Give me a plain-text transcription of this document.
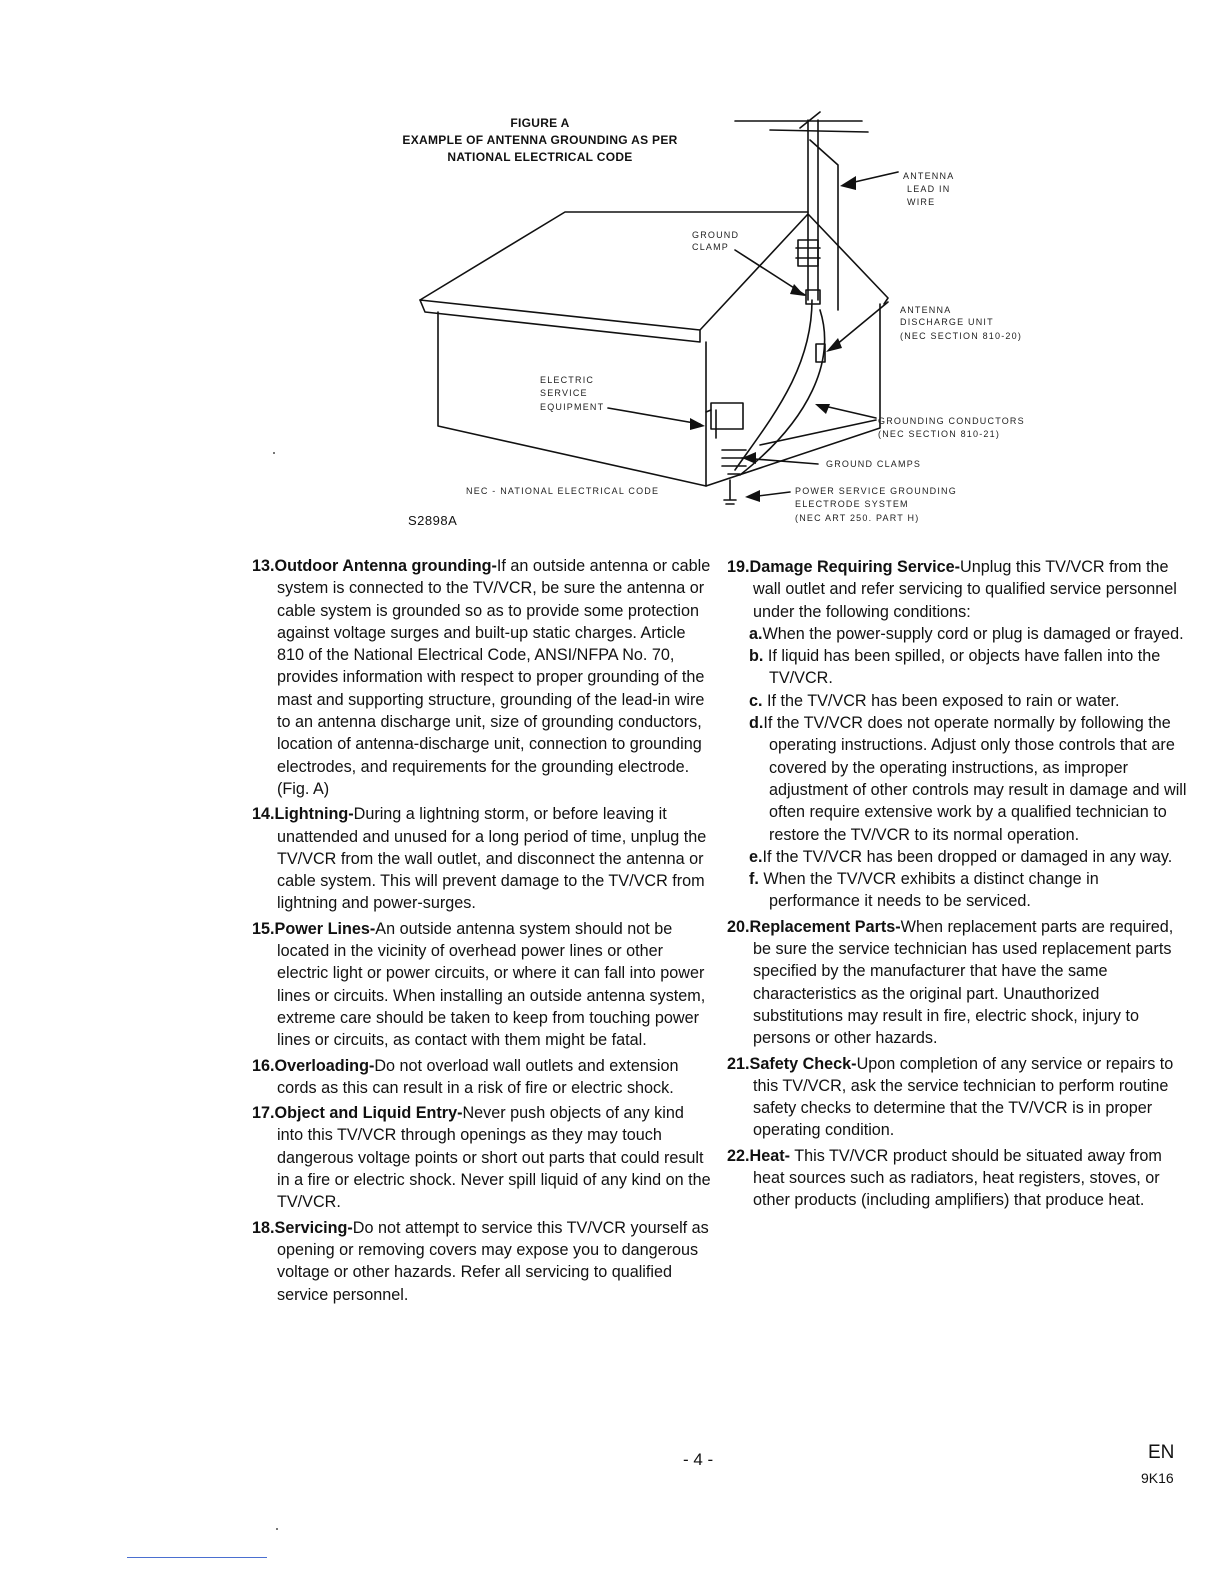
FIGURE A
EXAMPLE OF ANTENNA GROUNDING AS PER
NATIONAL ELECTRICAL CODE
ANTENNA
LEAD IN
WIRE
GROUND
CLAMP
ANTENNA
DISCHARGE UNIT
(NEC SECTION 810-20)
ELECTRIC
SERVICE
EQUIPMENT
GROUNDING CONDUCTORS
(NEC SECTION 810-21)
GROUND CLAMPS
NEC - NATIONAL ELECTRICAL CODE	POWER SERVICE GROUNDING
ELECTRODE SYSTEM
(NEC ART 250. PART H)
S2898A
13.Outdoor Antenna grounding-If an outside antenna or cable system is connected to the TV/VCR, be sure the antenna or cable system is grounded so as to provide some protection against voltage surges and built-up static charges. Article 810 of the National Electrical Code, ANSI/NFPA No. 70, provides information with respect to proper grounding of the mast and supporting structure, grounding of the lead-in wire to an antenna discharge unit, size of grounding conductors, location of antenna-discharge unit, connection to grounding electrodes, and requirements for the grounding electrode. (Fig. A)
14.Lightning-During a lightning storm, or before leaving it unattended and unused for a long period of time, unplug the TV/VCR from the wall outlet, and disconnect the antenna or cable system. This will prevent damage to the TV/VCR from lightning and power-surges.
15.Power Lines-An outside antenna system should not be located in the vicinity of overhead power lines or other electric light or power circuits, or where it can fall into power lines or circuits. When installing an outside antenna system, extreme care should be taken to keep from touching power lines or circuits, as contact with them might be fatal.
16.Overloading-Do not overload wall outlets and extension cords as this can result in a risk of fire or electric shock.
17.Object and Liquid Entry-Never push objects of any kind into this TV/VCR through openings as they may touch dangerous voltage points or short out parts that could result in a fire or electric shock. Never spill liquid of any kind on the TV/VCR.
18.Servicing-Do not attempt to service this TV/VCR yourself as opening or removing covers may expose you to dangerous voltage or other hazards. Refer all servicing to qualified service personnel.
19.Damage Requiring Service-Unplug this TV/VCR from the wall outlet and refer servicing to qualified service personnel under the following conditions:
a.When the power-supply cord or plug is damaged or frayed.
b. If liquid has been spilled, or objects have fallen into the TV/VCR.
c. If the TV/VCR has been exposed to rain or water.
d.If the TV/VCR does not operate normally by following the operating instructions. Adjust only those controls that are covered by the operating instructions, as improper adjustment of other controls may result in damage and will often require extensive work by a qualified technician to restore the TV/VCR to its normal operation.
e.If the TV/VCR has been dropped or damaged in any way.
f. When the TV/VCR exhibits a distinct change in performance it needs to be serviced.
20.Replacement Parts-When replacement parts are required, be sure the service technician has used replacement parts specified by the manufacturer that have the same characteristics as the original part. Unauthorized substitutions may result in fire, electric shock, injury to persons or other hazards.
21.Safety Check-Upon completion of any service or repairs to this TV/VCR, ask the service technician to perform routine safety checks to determine that the TV/VCR is in proper operating condition.
22.Heat- This TV/VCR product should be situated away from heat sources such as radiators, heat registers, stoves, or other products (including amplifiers) that produce heat.
- 4 -	EN
9K16
